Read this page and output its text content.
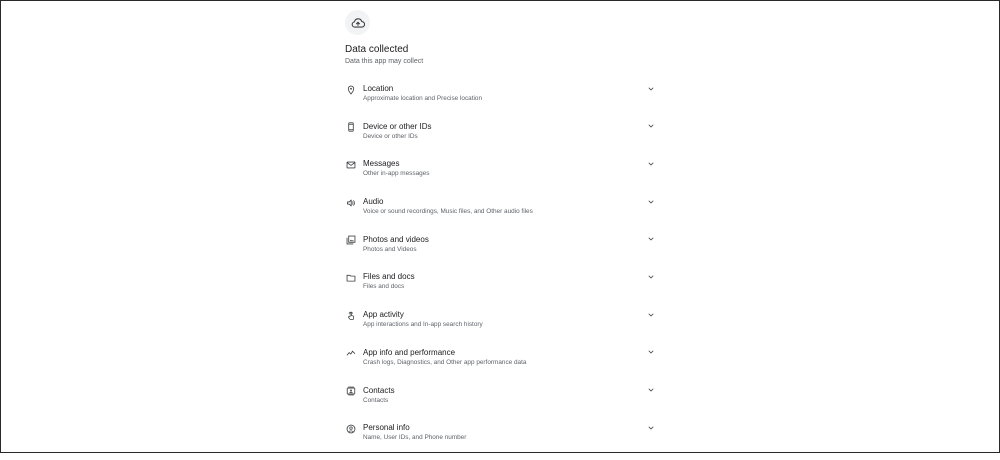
Data collected
Data this app may collect
Location
Approximate location and Precise location
Device or other IDs
Device or other IDs
Messages
Other in-app messages
Audio
Voice or sound recordings, Music files, and Other audio files
Photos and videos
Photos and Videos
Files and docs
Files and docs
App activity
App interactions and In-app search history
App info and performance
Crash logs, Diagnostics, and Other app performance data
Contacts
Contacts
Personal info
Name, User IDs, and Phone number
